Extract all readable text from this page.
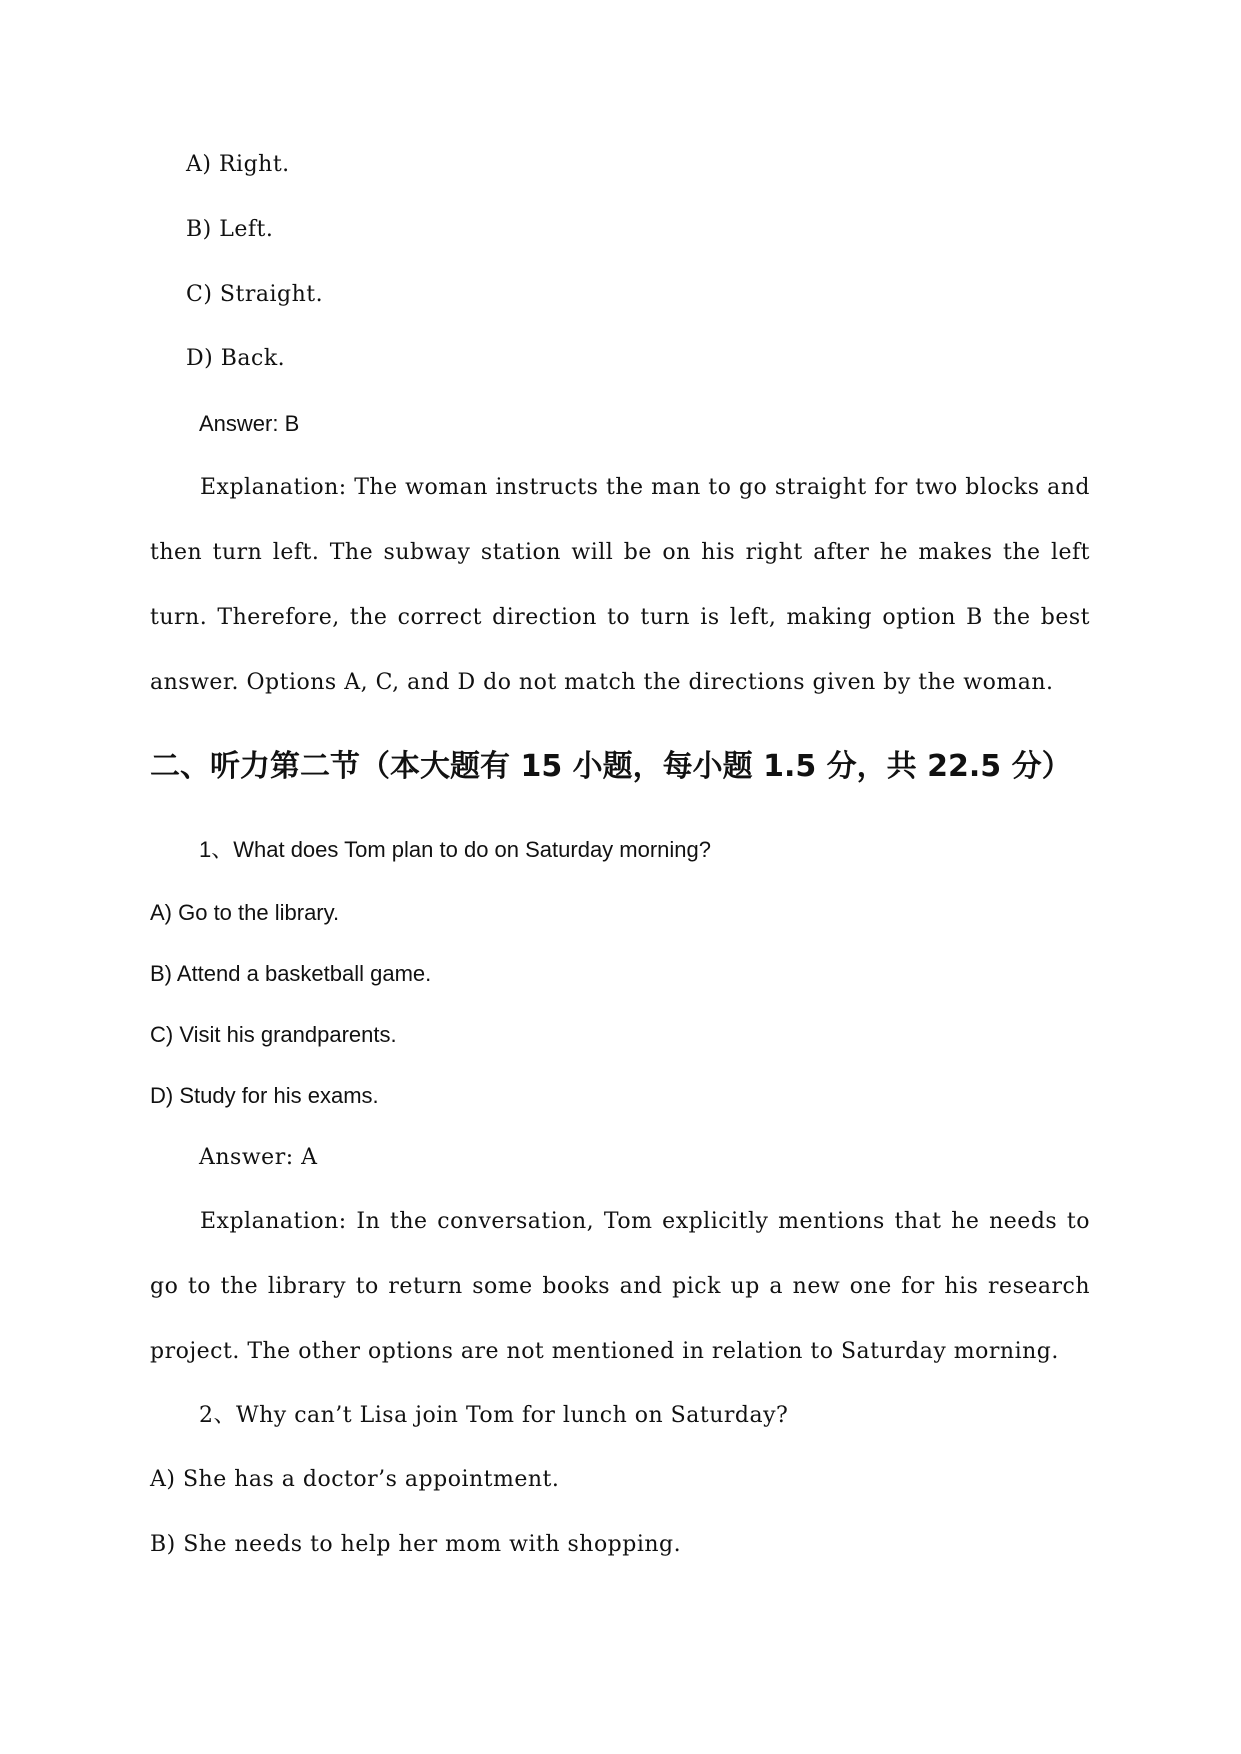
A) Right.
B) Left.
C) Straight.
D) Back.
Answer: B
Explanation: The woman instructs the man to go straight for two blocks and then turn left. The subway station will be on his right after he makes the left turn. Therefore, the correct direction to turn is left, making option B the best answer. Options A, C, and D do not match the directions given by the woman.
二、听力第二节（本大题有 15 小题，每小题 1.5 分，共 22.5 分）
1、What does Tom plan to do on Saturday morning?
A) Go to the library.
B) Attend a basketball game.
C) Visit his grandparents.
D) Study for his exams.
Answer: A
Explanation: In the conversation, Tom explicitly mentions that he needs to go to the library to return some books and pick up a new one for his research project. The other options are not mentioned in relation to Saturday morning.
2、Why can’t Lisa join Tom for lunch on Saturday?
A) She has a doctor’s appointment.
B) She needs to help her mom with shopping.
